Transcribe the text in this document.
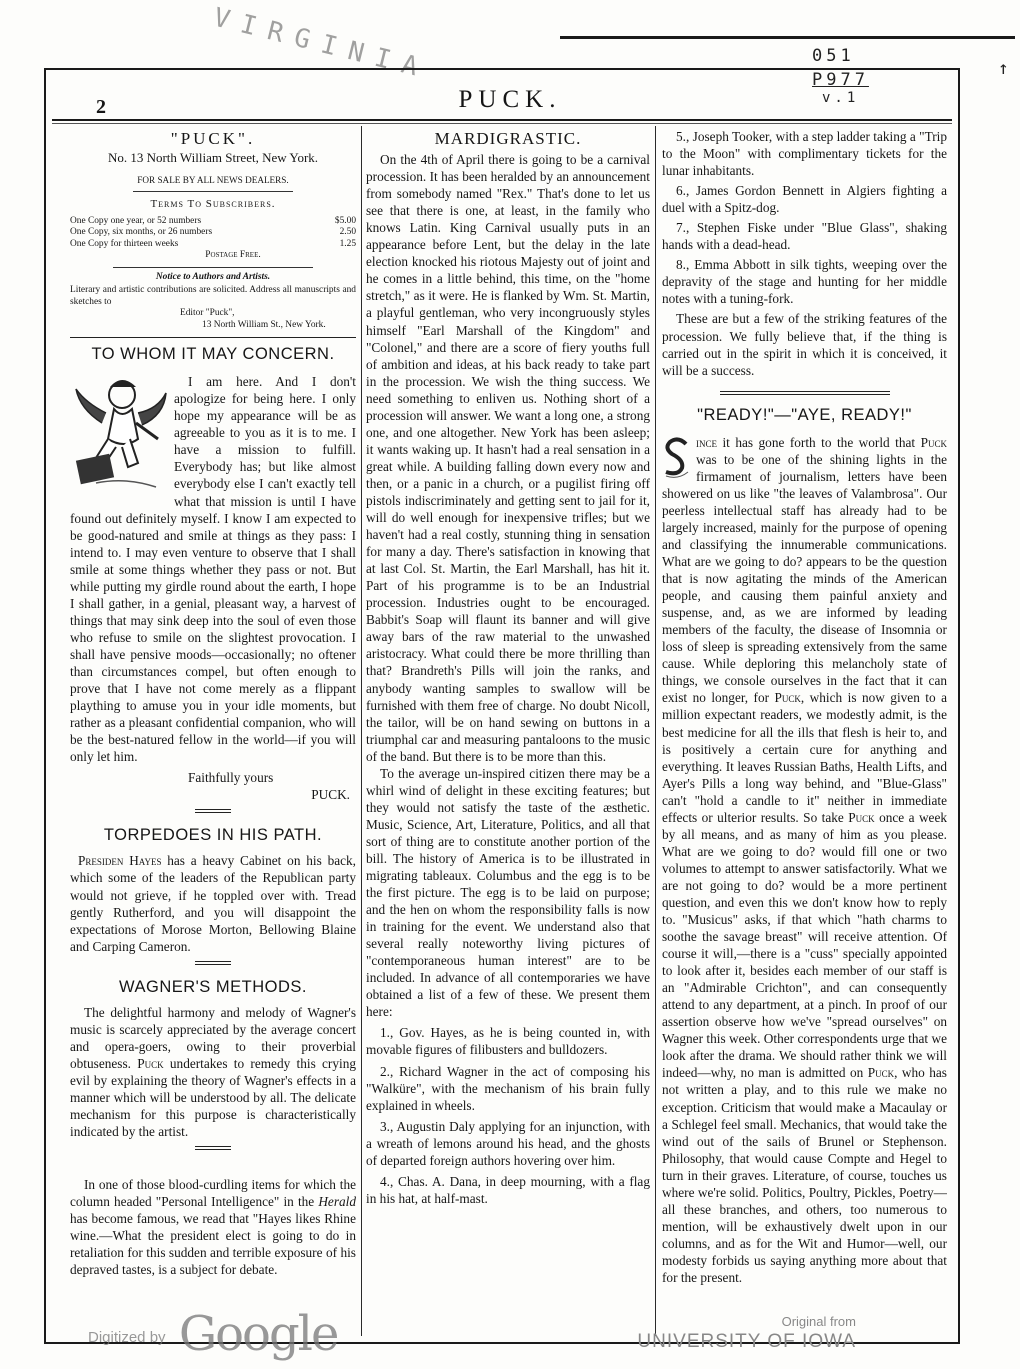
VIRGINIA	051
P977
v.1
↑
2	PUCK.
"PUCK".
No. 13 North William Street, New York.
FOR SALE BY ALL NEWS DEALERS.
Terms To Subscribers.
One Copy one year, or 52 numbers	$5.00
One Copy, six months, or 26 numbers	2.50
One Copy for thirteen weeks	1.25
Postage Free.
Notice to Authors and Artists.
Literary and artistic contributions are solicited. Address all manuscripts and sketches to
Editor "Puck",
13 North William St., New York.
TO WHOM IT MAY CONCERN.

I am here. And I don't apologize for being here. I only hope my appearance will be as agreeable to you as it is to me. I have a mission to fulfill. Everybody has; but like almost everybody else I can't exactly tell what that mission is until I have found out definitely myself. I know I am expected to be good-natured and smile at things as they pass: I intend to. I may even venture to observe that I shall smile at some things whether they pass or not. But while putting my girdle round about the earth, I hope I shall gather, in a genial, pleasant way, a harvest of things that may sink deep into the soul of even those who refuse to smile on the slightest provocation. I shall have pensive moods—occasionally; no oftener than circumstances compel, but often enough to prove that I have not come merely as a flippant plaything to amuse you in your idle moments, but rather as a pleasant confidential companion, who will be the best-natured fellow in the world—if you will only let him.

Faithfully yours
PUCK.
TORPEDOES IN HIS PATH.

Presiden Hayes has a heavy Cabinet on his back, which some of the leaders of the Republican party would not grieve, if he toppled over with. Tread gently Rutherford, and you will disappoint the expectations of Morose Morton, Bellowing Blaine and Carping Cameron.

WAGNER'S METHODS.

The delightful harmony and melody of Wagner's music is scarcely appreciated by the average concert and opera-goers, owing to their proverbial obtuseness. Puck undertakes to remedy this crying evil by explaining the theory of Wagner's effects in a manner which will be understood by all. The delicate mechanism for this purpose is characteristically indicated by the artist.

In one of those blood-curdling items for which the column headed "Personal Intelligence" in the Herald has become famous, we read that "Hayes likes Rhine wine.—What the president elect is going to do in retaliation for this sudden and terrible exposure of his depraved tastes, is a subject for debate.

MARDIGRASTIC.

On the 4th of April there is going to be a carnival procession. It has been heralded by an announcement from somebody named "Rex." That's done to let us see that there is one, at least, in the family who knows Latin. King Carnival usually puts in an appearance before Lent, but the delay in the late election knocked his riotous Majesty out of joint and he comes in a little behind, this time, on the "home stretch," as it were. He is flanked by Wm. St. Martin, a playful gentleman, who very incongruously styles himself "Earl Marshall of the Kingdom" and "Colonel," and there are a score of fiery youths full of ambition and ideas, at his back ready to take part in the procession. We wish the thing success. We need something to enliven us. Nothing short of a procession will answer. We want a long one, a strong one, and one altogether. New York has been asleep; it wants waking up. It hasn't had a real sensation in a great while. A building falling down every now and then, or a panic in a church, or a pugilist firing off pistols indiscriminately and getting sent to jail for it, will do well enough for inexpensive trifles; but we haven't had a real costly, stunning thing in sensation for many a day. There's satisfaction in knowing that at last Col. St. Martin, the Earl Marshall, has hit it. Part of his programme is to be an Industrial procession. Industries ought to be encouraged. Babbit's Soap will flaunt its banner and will give away bars of the raw material to the unwashed aristocracy. What could there be more thrilling than that? Brandreth's Pills will join the ranks, and anybody wanting samples to swallow will be furnished with them free of charge. No doubt Nicoll, the tailor, will be on hand sewing on buttons in a triumphal car and measuring pantaloons to the music of the band. But there is to be more than this.

To the average un-inspired citizen there may be a whirl wind of delight in these exciting features; but they would not satisfy the taste of the æsthetic. Music, Science, Art, Literature, Politics, and all that sort of thing are to constitute another portion of the bill. The history of America is to be illustrated in migrating tableaux. Columbus and the egg is to be the first picture. The egg is to be laid on purpose; and the hen on whom the responsibility falls is now in training for the event. We understand also that several really noteworthy living pictures of "contemporaneous human interest" are to be included. In advance of all contemporaries we have obtained a list of a few of these. We present them here:

1., Gov. Hayes, as he is being counted in, with movable figures of filibusters and bulldozers.

2., Richard Wagner in the act of composing his "Walküre", with the mechanism of his brain fully explained in wheels.

3., Augustin Daly applying for an injunction, with a wreath of lemons around his head, and the ghosts of departed foreign authors hovering over him.

4., Chas. A. Dana, in deep mourning, with a flag in his hat, at half-mast.

5., Joseph Tooker, with a step ladder taking a "Trip to the Moon" with complimentary tickets for the lunar inhabitants.

6., James Gordon Bennett in Algiers fighting a duel with a Spitz-dog.

7., Stephen Fiske under "Blue Glass", shaking hands with a dead-head.

8., Emma Abbott in silk tights, weeping over the depravity of the stage and hunting for her middle notes with a tuning-fork.

These are but a few of the striking features of the procession. We fully believe that, if the thing is carried out in the spirit in which it is conceived, it will be a success.

"READY!"—"AYE, READY!"

ince it has gone forth to the world that Puck was to be one of the shining lights in the firmament of journalism, letters have been showered on us like "the leaves of Valambrosa". Our peerless intellectual staff has already had to be largely increased, mainly for the purpose of opening and classifying the innumerable communications. What are we going to do? appears to be the question that is now agitating the minds of the American people, and causing them painful anxiety and suspense, and, as we are informed by leading members of the faculty, the disease of Insomnia or loss of sleep is spreading extensively from the same cause. While deploring this melancholy state of things, we console ourselves in the fact that it can exist no longer, for Puck, which is now given to a million expectant readers, we modestly admit, is the best medicine for all the ills that flesh is heir to, and is positively a certain cure for anything and everything. It leaves Russian Baths, Health Lifts, and Ayer's Pills a long way behind, and "Blue-Glass" can't "hold a candle to it" neither in immediate effects or ulterior results. So take Puck once a week by all means, and as many of him as you please. What are we going to do? would fill one or two volumes to attempt to answer satisfactorily. What we are not going to do? would be a more pertinent question, and even this we don't know how to reply to. "Musicus" asks, if that which "hath charms to soothe the savage breast" will receive attention. Of course it will,—there is a "cuss" specially appointed to look after it, besides each member of our staff is an "Admirable Crichton", and can consequently attend to any department, at a pinch. In proof of our assertion observe how we've "spread ourselves" on Wagner this week. Other correspondents urge that we look after the drama. We should rather think we will indeed—why, no man is admitted on Puck, who has not written a play, and to this rule we make no exception. Criticism that would make a Macaulay or a Schlegel feel small. Mechanics, that would take the wind out of the sails of Brunel or Stephenson. Philosophy, that would cause Compte and Hegel to turn in their graves. Literature, of course, touches us where we're solid. Politics, Poultry, Pickles, Poetry—all these branches, and others, too numerous to mention, will be exhaustively dwelt upon in our columns, and as for the Wit and Humor—well, our modesty forbids us saying anything more about that for the present.

Digitized by Google	Original from
UNIVERSITY OF IOWA
